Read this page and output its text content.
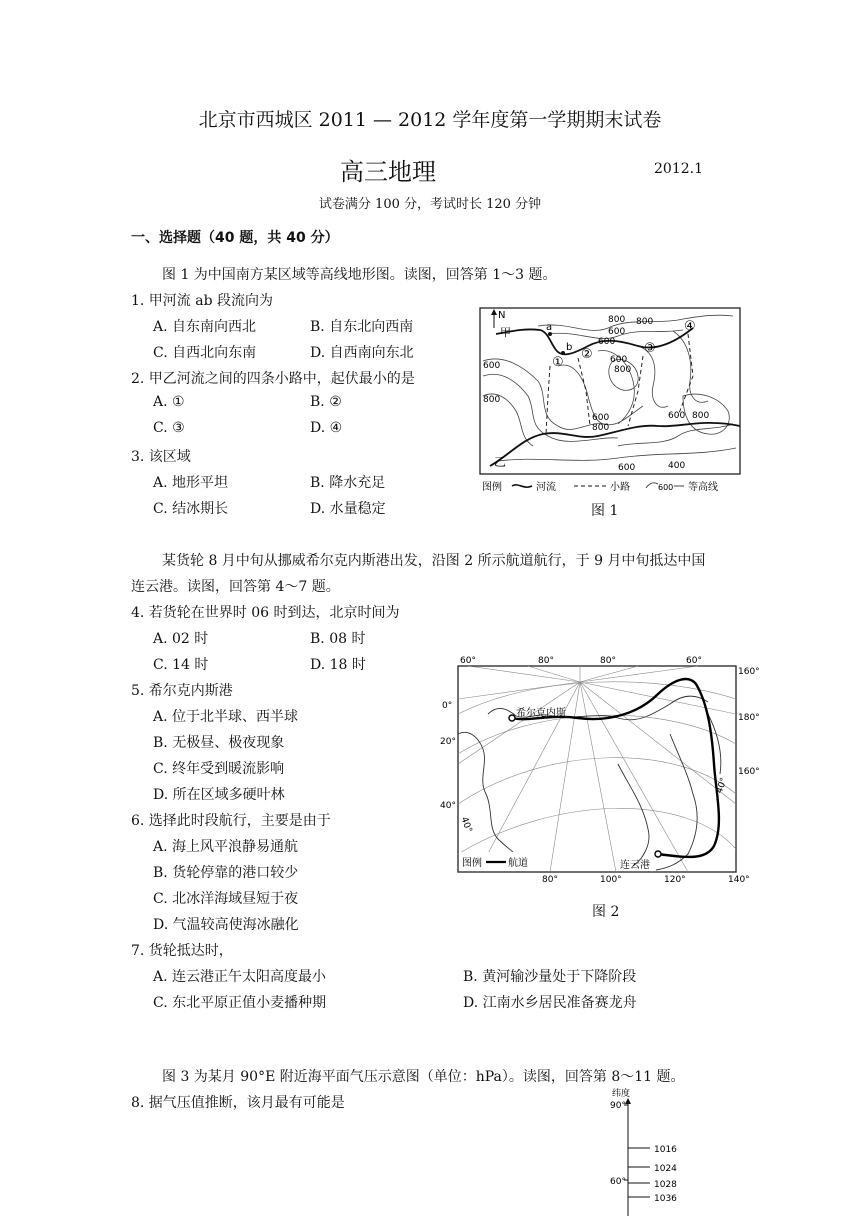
北京市西城区 2011 — 2012 学年度第一学期期末试卷
高三地理	2012.1
试卷满分 100 分，考试时长 120 分钟
一、选择题（40 题，共 40 分）
图 1 为中国南方某区域等高线地形图。读图，回答第 1～3 题。
1. 甲河流 ab 段流向为
A. 自东南向西北	B. 自东北向西南
C. 自西北向东南	D. 自西南向东北
2. 甲乙河流之间的四条小路中，起伏最小的是
A. ①	B. ②
C. ③	D. ④
3. 该区域
A. 地形平坦	B. 降水充足
C. 结冰期长	D. 水量稳定
N
甲
乙
a
b
①
②	③
④
800
600
600
800
600
800
600
800
600 800
600	400
600
800
图例	河流	小路	600 等高线
图 1
某货轮 8 月中旬从挪威希尔克内斯港出发，沿图 2 所示航道航行，于 9 月中旬抵达中国
连云港。读图，回答第 4～7 题。
4. 若货轮在世界时 06 时到达，北京时间为
A. 02 时	B. 08 时
C. 14 时	D. 18 时
5. 希尔克内斯港
A. 位于北半球、西半球
B. 无极昼、极夜现象
C. 终年受到暖流影响
D. 所在区域多硬叶林
6. 选择此时段航行，主要是由于
A. 海上风平浪静易通航
B. 货轮停靠的港口较少
C. 北冰洋海域昼短于夜
D. 气温较高使海冰融化
60°	80°	80°	60°
160°
180°
160°
0°
20°
40°
80°	100°	120°	140°
40°
40°
希尔克内斯
连云港
图例	航道
图 2
7. 货轮抵达时，
A. 连云港正午太阳高度最小	B. 黄河输沙量处于下降阶段
C. 东北平原正值小麦播种期	D. 江南水乡居民准备赛龙舟
图 3 为某月 90°E 附近海平面气压示意图（单位：hPa）。读图，回答第 8～11 题。
8. 据气压值推断，该月最有可能是
纬度
90°
60°
1016
1024
1028
1036
